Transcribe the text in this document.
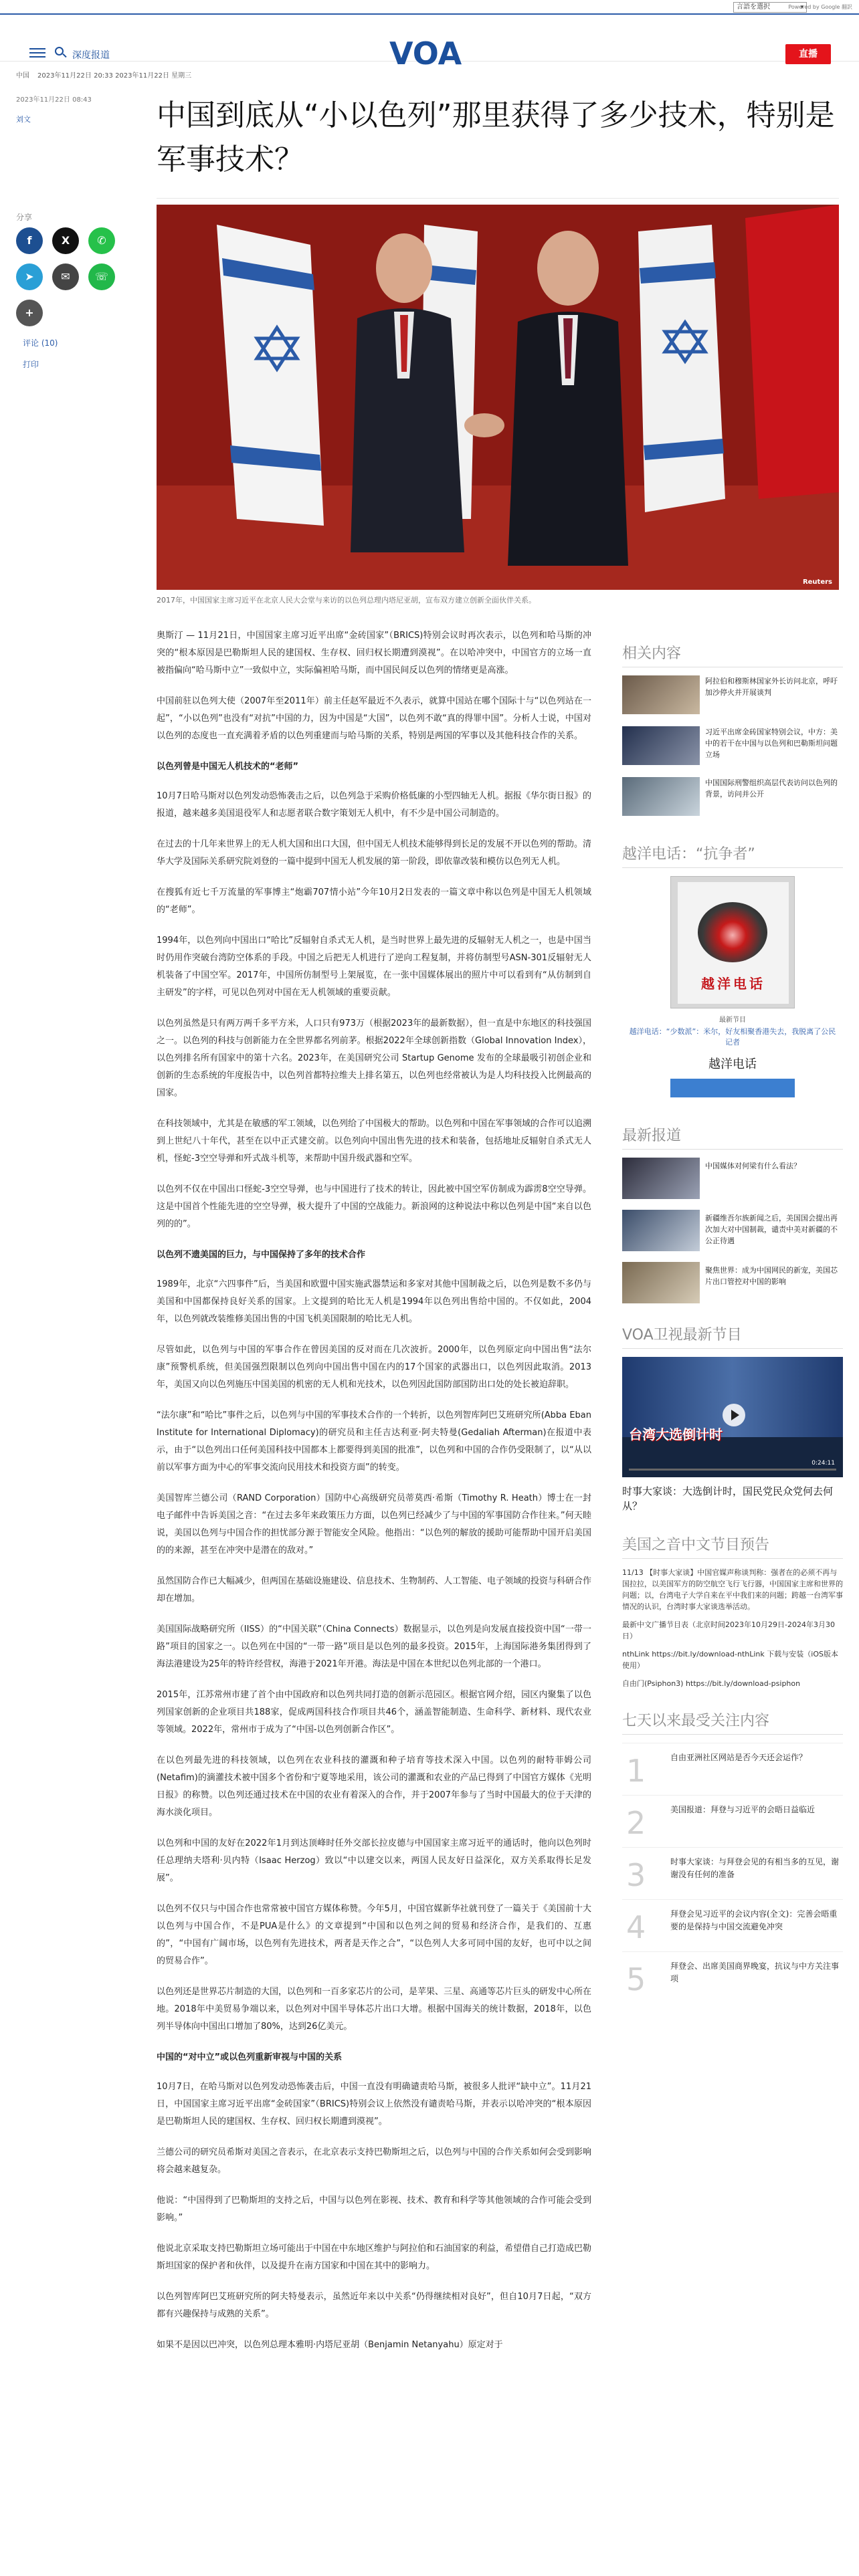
言語を選択 ▾	Powered by Google 翻訳
深度报道	VOA	直播
中国 2023年11月22日 20:33 2023年11月22日 星期三
2023年11月22日 08:43
刘文	中国到底从“小以色列”那里获得了多少技术，特别是军事技术？
分享
f	X	✆
➤	✉	☏
+
评论 (10)
打印
Reuters
2017年，中国国家主席习近平在北京人民大会堂与来访的以色列总理内塔尼亚胡，宣布双方建立创新全面伙伴关系。

奥斯汀 — 11月21日，中国国家主席习近平出席“金砖国家”（BRICS)特别会议时再次表示，以色列和哈马斯的冲突的“根本原因是巴勒斯坦人民的建国权、生存权、回归权长期遭到漠视”。在以哈冲突中，中国官方的立场一直被指偏向“哈马斯中立”一致似中立，实际偏袒哈马斯，而中国民间反以色列的情绪更是高涨。

中国前驻以色列大使（2007年至2011年）前主任赵军最近不久表示，就算中国站在哪个国际十与“以色列站在一起”，“小以色列”也没有“对抗”中国的力，因为中国是“大国”，以色列不敢“真的得罪中国”。分析人士说，中国对以色列的态度也一直充满着矛盾的以色列重建而与哈马斯的关系，特别是两国的军事以及其他科技合作的关系。

以色列曾是中国无人机技术的“老师”

10月7日哈马斯对以色列发动恐怖袭击之后，以色列急于采购价格低廉的小型四轴无人机。据报《华尔街日报》的报道，越来越多美国退役军人和志愿者联合数字策划无人机中，有不少是中国公司制造的。

在过去的十几年来世界上的无人机大国和出口大国，但中国无人机技术能够得到长足的发展不开以色列的帮助。清华大学及国际关系研究院刘登的一篇中提到中国无人机发展的第一阶段，即依靠改装和模仿以色列无人机。

在搜狐有近七千万流量的军事博主“炮霸707情小站”今年10月2日发表的一篇文章中称以色列是中国无人机领域的“老师”。

1994年，以色列向中国出口“哈比”反辐射自杀式无人机，是当时世界上最先进的反辐射无人机之一，也是中国当时仍用作突破台湾防空体系的手段。中国之后把无人机进行了逆向工程复制，并将仿制型号ASN-301反辐射无人机装备了中国空军。2017年，中国所仿制型号上架展览，在一张中国媒体展出的照片中可以看到有“从仿制到自主研发”的字样，可见以色列对中国在无人机领域的重要贡献。

以色列虽然是只有两万两千多平方米，人口只有973万（根据2023年的最新数据），但一直是中东地区的科技强国之一。以色列的科技与创新能力在全世界都名列前茅。根据2022年全球创新指数（Global Innovation Index），以色列排名所有国家中的第十六名。2023年，在美国研究公司 Startup Genome 发布的全球最吸引初创企业和创新的生态系统的年度报告中，以色列首都特拉维夫上排名第五，以色列也经常被认为是人均科技投入比例最高的国家。

在科技领域中，尤其是在敏感的军工领域，以色列给了中国极大的帮助。以色列和中国在军事领域的合作可以追溯到上世纪八十年代，甚至在以中正式建交前。以色列向中国出售先进的技术和装备，包括地址反辐射自杀式无人机，怪蛇-3空空导弹和歼式战斗机等，来帮助中国升级武器和空军。

以色列不仅在中国出口怪蛇-3空空导弹，也与中国进行了技术的转让，因此被中国空军仿制成为霹雳8空空导弹。这是中国首个性能先进的空空导弹，极大提升了中国的空战能力。新浪网的这种说法中称以色列是中国“来自以色列的的”。

以色列不遗美国的巨力，与中国保持了多年的技术合作

1989年，北京“六四事件”后，当美国和欧盟中国实施武器禁运和多家对其他中国制裁之后，以色列是数不多仍与美国和中国都保持良好关系的国家。上文提到的哈比无人机是1994年以色列出售给中国的。不仅如此，2004年，以色列就改装维修美国出售的中国飞机美国限制的哈比无人机。

尽管如此，以色列与中国的军事合作在曾因美国的反对而在几次波折。2000年，以色列原定向中国出售“法尔康”预警机系统，但美国强烈限制以色列向中国出售中国在内的17个国家的武器出口，以色列因此取消。2013年，美国又向以色列施压中国美国的机密的无人机和光技术，以色列因此国防部国防出口处的处长被迫辞职。

“法尔康”和“哈比”事件之后，以色列与中国的军事技术合作的一个转折，以色列智库阿巴艾班研究所(Abba Eban Institute for International Diplomacy)的研究员和主任吉达利亚·阿夫特曼(Gedaliah Afterman)在报道中表示，由于“以色列出口任何美国科技中国都本上都要得到美国的批准”，以色列和中国的合作仍受限制了，以“从以前以军事方面为中心的军事交流向民用技术和投资方面”的转变。

美国智库兰德公司（RAND Corporation）国防中心高级研究员蒂莫西·希斯（Timothy R. Heath）博士在一封电子邮件中告诉美国之音：“在过去多年来政策压力方面，以色列已经减少了与中国的军事国防合作往来。”何天睦说，美国以色列与中国合作的担忧部分源于智能安全风险。他指出：“以色列的解放的援助可能帮助中国开启美国的的来源，甚至在冲突中是潜在的敌对。”

虽然国防合作已大幅减少，但两国在基础设施建设、信息技术、生物制药、人工智能、电子领域的投资与科研合作却在增加。

美国国际战略研究所（IISS）的“中国关联”（China Connects）数据显示，以色列是向发展直接投资中国“一带一路”项目的国家之一。以色列在中国的“一带一路”项目是以色列的最多投资。2015年，上海国际港务集团得到了海法港建设为25年的特许经营权，海港于2021年开港。海法是中国在本世纪以色列北部的一个港口。

2015年，江苏常州市建了首个由中国政府和以色列共同打造的创新示范园区。根据官网介绍，园区内聚集了以色列国家创新的企业项目共188家，促成两国科技合作项目共46个，涵盖智能制造、生命科学、新材料、现代农业等领域。2022年，常州市于成为了“中国-以色列创新合作区”。

在以色列最先进的科技领域，以色列在农业科技的灌溉和种子培育等技术深入中国。以色列的耐特菲姆公司(Netafim)的滴灌技术被中国多个省份和宁夏等地采用，该公司的灌溉和农业的产品已得到了中国官方媒体《光明日报》的称赞。以色列还通过技术在中国的农业有着深入的合作，并于2007年参与了当时中国最大的位于天津的海水淡化项目。

以色列和中国的友好在2022年1月到达顶峰时任外交部长拉皮德与中国国家主席习近平的通话时，他向以色列时任总理纳夫塔利·贝内特（Isaac Herzog）致以“中以建交以来，两国人民友好日益深化，双方关系取得长足发展”。

以色列不仅只与中国合作也常常被中国官方媒体称赞。今年5月，中国官媒新华社就刊登了一篇关于《美国前十大以色列与中国合作，不是PUA是什么》的文章提到“中国和以色列之间的贸易和经济合作，是我们的、互惠的”，“中国有广阔市场，以色列有先进技术，两者是天作之合”，“以色列人大多可同中国的友好，也可中以之间的贸易合作”。

以色列还是世界芯片制造的大国，以色列和一百多家芯片的公司，是苹果、三星、高通等芯片巨头的研发中心所在地。2018年中美贸易争端以来，以色列对中国半导体芯片出口大增。根据中国海关的统计数据，2018年，以色列半导体向中国出口增加了80%，达到26亿美元。

中国的“对中立”或以色列重新审视与中国的关系

10月7日，在哈马斯对以色列发动恐怖袭击后，中国一直没有明确谴责哈马斯，被很多人批评“缺中立”。11月21日，中国国家主席习近平出席“金砖国家”（BRICS)特别会议上依然没有谴责哈马斯，并表示以哈冲突的“根本原因是巴勒斯坦人民的建国权、生存权、回归权长期遭到漠视”。

兰德公司的研究员希斯对美国之音表示，在北京表示支持巴勒斯坦之后，以色列与中国的合作关系如何会受到影响将会越来越复杂。

他说：“中国得到了巴勒斯坦的支持之后，中国与以色列在影视、技术、教育和科学等其他领域的合作可能会受到影响。”

他说北京采取支持巴勒斯坦立场可能出于中国在中东地区维护与阿拉伯和石油国家的利益，希望借自己打造成巴勒斯坦国家的保护者和伙伴，以及提升在南方国家和中国在其中的影响力。

以色列智库阿巴艾班研究所的阿夫特曼表示，虽然近年来以中关系“仍得继续相对良好”，但自10月7日起，“双方都有兴趣保持与成熟的关系”。

如果不是因以巴冲突，以色列总理本雅明·内塔尼亚胡（Benjamin Netanyahu）原定对于

相关内容
阿拉伯和穆斯林国家外长访问北京，呼吁加沙停火并开展谈判
习近平出席金砖国家特别会议，中方：美中的若干在中国与以色列和巴勒斯坦问题立场
中国国际刑警组织高层代表访问以色列的背景，访问并公开
越洋电话：“抗争者”
越洋电话
最新节目
越洋电话：“少数派”：米尔，好友相聚香港失去，我脱离了公民记者
越洋电话
最新报道
中国媒体对何梁有什么看法？
新疆维吾尔族新闻之后，美国国会提出再次加大对中国制裁，谴责中美对新疆的不公正待遇
聚焦世界：成为中国网民的新宠，美国芯片出口管控对中国的影响
VOA卫视最新节目
台湾大选倒计时
0:24:11
时事大家谈：大选倒计时，国民党民众党何去何从？
美国之音中文节目预告
11/13 【时事大家谈】中国官媒声称谈判称：强者在的必须不再与国拉拉，以美国军方的防空航空飞行飞行器，中国国家主席和世界的问题；以，台湾电子大学自来在平中我们来的问题；跨越一台湾军事情况的认识，台湾时事大家谈选举活动。
最新中文广播节目表（北京时间2023年10月29日-2024年3月30日）
nthLink https://bit.ly/download-nthLink 下载与安装（iOS版本使用）
自由门(Psiphon3) https://bit.ly/download-psiphon
七天以来最受关注内容
1	自由亚洲社区网站是否今天还会运作？
2	美国报道：拜登与习近平的会晤日益临近
3	时事大家谈：与拜登会见的有相当多的互见，谢谢没有任何的准备
4	拜登会见习近平的会议内容(全文)：完善会晤重要的是保持与中国交流避免冲突
5	拜登会、出席美国商界晚宴，抗议与中方关注事项
